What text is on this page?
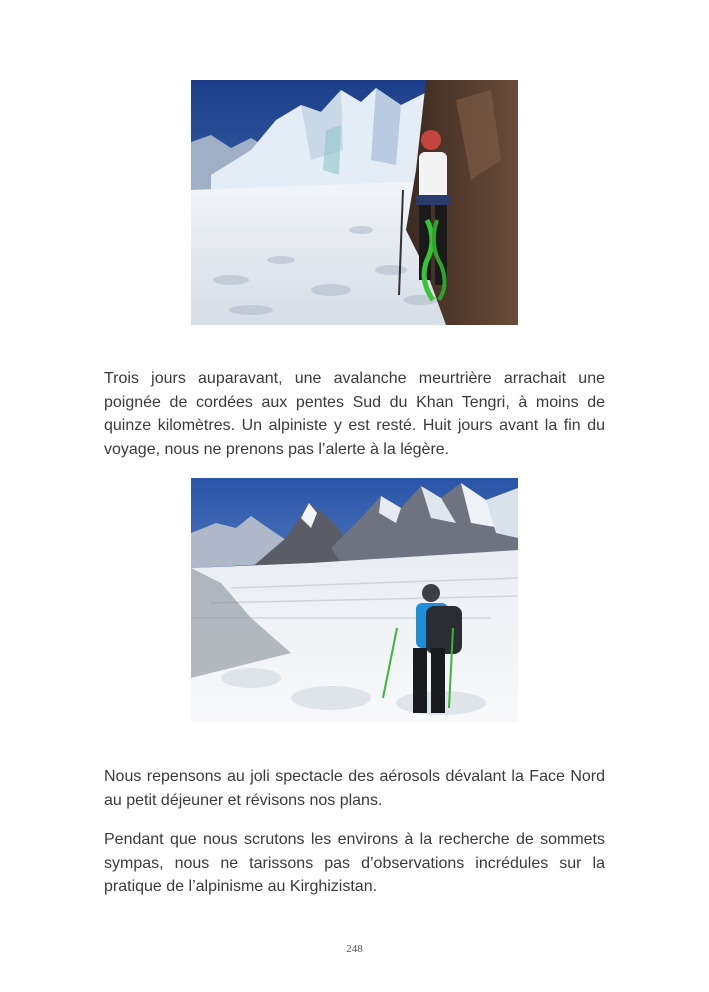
Trois jours auparavant, une avalanche meurtrière arrachait une poignée de cordées aux pentes Sud du Khan Tengri, à moins de quinze kilomètres. Un alpiniste y est resté. Huit jours avant la fin du voyage, nous ne prenons pas l’alerte à la légère.

Nous repensons au joli spectacle des aérosols dévalant la Face Nord au petit déjeuner et révisons nos plans.

Pendant que nous scrutons les environs à la recherche de sommets sympas, nous ne tarissons pas d’observations incrédules sur la pratique de l’alpinisme au Kirghizistan.

248
